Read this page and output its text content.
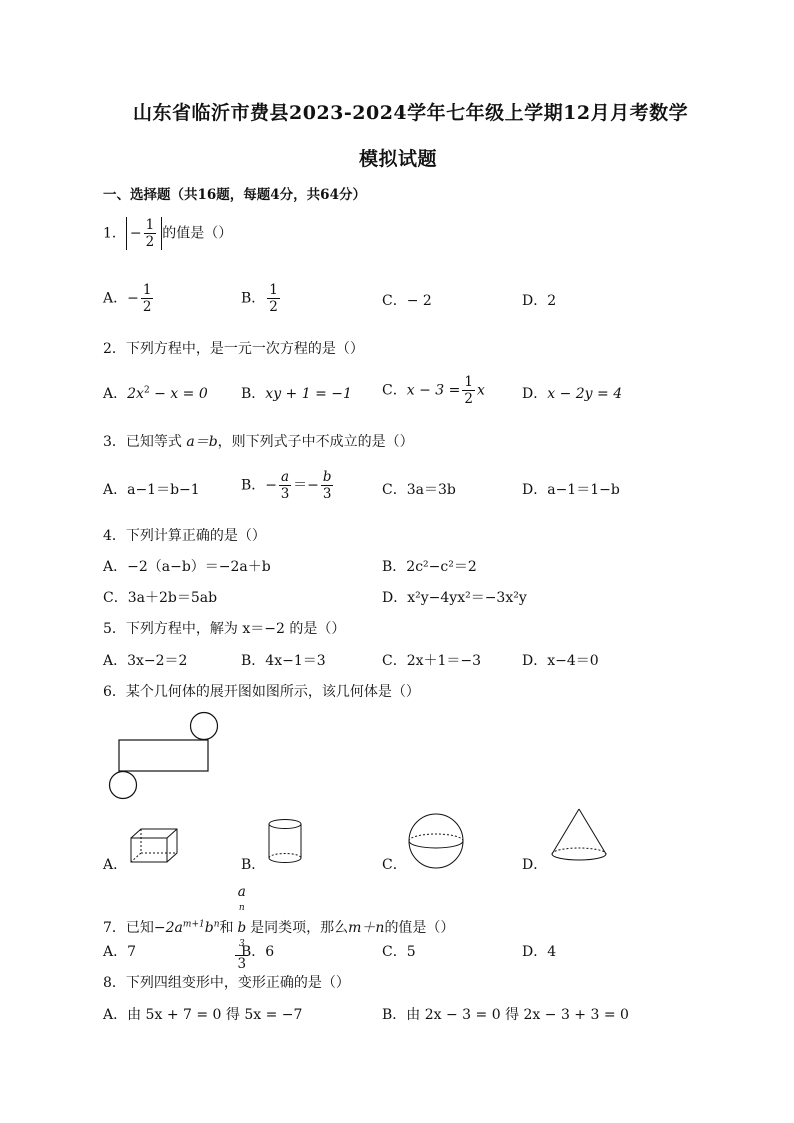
山东省临沂市费县2023-2024学年七年级上学期12月月考数学
模拟试题
一、选择题（共16题，每题4分，共64分）
1． − $\frac{1}{2}$ 的值是（）
A．− $\frac{1}{2}$	B． $\frac{1}{2}$	C．− 2	D．2
2．下列方程中，是一元一次方程的是（）
A．$2x^2 - x = 0$ B．xy + 1 = −1 C．$x - 3 = \frac{1}{2}$ x	D．x − 2y = 4
3．已知等式 a＝b，则下列式子中不成立的是（）
A．a−1＝b−1	B．− $\frac{a}{3} =- \frac{b}{3}$	C．3a＝3b	D．a−1＝1−b
4．下列计算正确的是（）
A．−2（a−b）＝−2a＋b	B．2c²−c²＝2
C．3a＋2b＝5ab	D．x²y−4yx²＝−3x²y
5．下列方程中，解为 x＝−2 的是（）
A．3x−2＝2	B．4x−1＝3	C．2x＋1＝−3	D．x−4＝0
6．某个几何体的展开图如图所示，该几何体是（）
A．	B．	C．	D．
7．已知$-2a^{m+1}b^n$和 a
$^n$
b
$^3$
3 是同类项，那么m＋n的值是（）
A．7	B．6	C．5	D．4
8．下列四组变形中，变形正确的是（）
A．由 5x + 7 = 0 得 5x = −7	B．由 2x − 3 = 0 得 2x − 3 + 3 = 0
